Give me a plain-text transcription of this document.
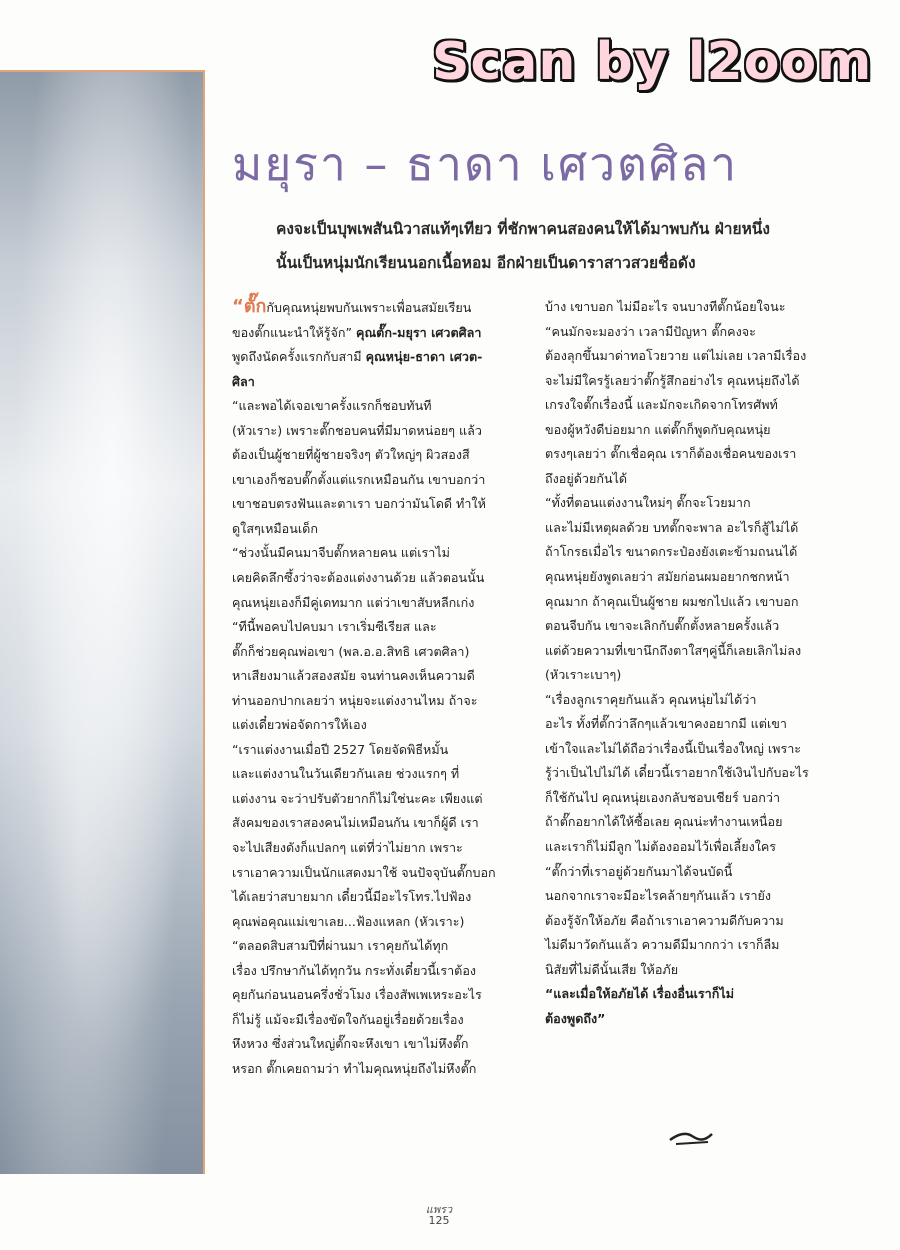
Scan by l2oom
มยุรา – ธาดา เศวตศิลา

คงจะเป็นบุพเพสันนิวาสแท้ๆเทียว ที่ชักพาคนสองคนให้ได้มาพบกัน ฝ่ายหนึ่ง

นั้นเป็นหนุ่มนักเรียนนอกเนื้อหอม อีกฝ่ายเป็นดาราสาวสวยชื่อดัง

“ตั๊กกับคุณหนุ่ยพบกันเพราะเพื่อนสมัยเรียน

ของตั๊กแนะนำให้รู้จัก” คุณตั๊ก-มยุรา เศวตศิลา

พูดถึงนัดครั้งแรกกับสามี คุณหนุ่ย-ธาดา เศวต-

ศิลา

“และพอได้เจอเขาครั้งแรกก็ชอบทันที

(หัวเราะ) เพราะตั๊กชอบคนที่มีมาดหน่อยๆ แล้ว

ต้องเป็นผู้ชายที่ผู้ชายจริงๆ ตัวใหญ่ๆ ผิวสองสี

เขาเองก็ชอบตั๊กตั้งแต่แรกเหมือนกัน เขาบอกว่า

เขาชอบตรงฟันและตาเรา บอกว่ามันโดดี ทำให้

ดูใสๆเหมือนเด็ก

“ช่วงนั้นมีคนมาจีบตั๊กหลายคน แต่เราไม่

เคยคิดลึกซึ้งว่าจะต้องแต่งงานด้วย แล้วตอนนั้น

คุณหนุ่ยเองก็มีคู่เดทมาก แต่ว่าเขาสับหลีกเก่ง

“ทีนี้พอคบไปคบมา เราเริ่มซีเรียส และ

ตั๊กก็ช่วยคุณพ่อเขา (พล.อ.อ.สิทธิ เศวตศิลา)

หาเสียงมาแล้วสองสมัย จนท่านคงเห็นความดี

ท่านออกปากเลยว่า หนุ่ยจะแต่งงานไหม ถ้าจะ

แต่งเดี๋ยวพ่อจัดการให้เอง

“เราแต่งงานเมื่อปี 2527 โดยจัดพิธีหมั้น

และแต่งงานในวันเดียวกันเลย ช่วงแรกๆ ที่

แต่งงาน จะว่าปรับตัวยากก็ไม่ใช่นะคะ เพียงแต่

สังคมของเราสองคนไม่เหมือนกัน เขาก็ผู้ดี เรา

จะไปเสียงดังก็แปลกๆ แต่ที่ว่าไม่ยาก เพราะ

เราเอาความเป็นนักแสดงมาใช้ จนปัจจุบันตั๊กบอก

ได้เลยว่าสบายมาก เดี๋ยวนี้มีอะไรโทร.ไปฟ้อง

คุณพ่อคุณแม่เขาเลย...ฟ้องแหลก (หัวเราะ)

“ตลอดสิบสามปีที่ผ่านมา เราคุยกันได้ทุก

เรื่อง ปรึกษากันได้ทุกวัน กระทั่งเดี๋ยวนี้เราต้อง

คุยกันก่อนนอนครึ่งชั่วโมง เรื่องสัพเพเหระอะไร

ก็ไม่รู้ แม้จะมีเรื่องขัดใจกันอยู่เรื่อยด้วยเรื่อง

หึงหวง ซึ่งส่วนใหญ่ตั๊กจะหึงเขา เขาไม่หึงตั๊ก

หรอก ตั๊กเคยถามว่า ทำไมคุณหนุ่ยถึงไม่หึงตั๊ก

บ้าง เขาบอก ไม่มีอะไร จนบางทีตั๊กน้อยใจนะ

“คนมักจะมองว่า เวลามีปัญหา ตั๊กคงจะ

ต้องลุกขึ้นมาด่าทอโวยวาย แต่ไม่เลย เวลามีเรื่อง

จะไม่มีใครรู้เลยว่าตั๊กรู้สึกอย่างไร คุณหนุ่ยถึงได้

เกรงใจตั๊กเรื่องนี้ และมักจะเกิดจากโทรศัพท์

ของผู้หวังดีบ่อยมาก แต่ตั๊กก็พูดกับคุณหนุ่ย

ตรงๆเลยว่า ตั๊กเชื่อคุณ เราก็ต้องเชื่อคนของเรา

ถึงอยู่ด้วยกันได้

“ทั้งที่ตอนแต่งงานใหม่ๆ ตั๊กจะโวยมาก

และไม่มีเหตุผลด้วย บทตั๊กจะพาล อะไรก็สู้ไม่ได้

ถ้าโกรธเมื่อไร ขนาดกระป๋องยังเตะข้ามถนนได้

คุณหนุ่ยยังพูดเลยว่า สมัยก่อนผมอยากชกหน้า

คุณมาก ถ้าคุณเป็นผู้ชาย ผมชกไปแล้ว เขาบอก

ตอนจีบกัน เขาจะเลิกกับตั๊กตั้งหลายครั้งแล้ว

แต่ด้วยความที่เขานึกถึงตาใสๆคู่นี้ก็เลยเลิกไม่ลง

(หัวเราะเบาๆ)

“เรื่องลูกเราคุยกันแล้ว คุณหนุ่ยไม่ได้ว่า

อะไร ทั้งที่ตั๊กว่าลึกๆแล้วเขาคงอยากมี แต่เขา

เข้าใจและไม่ได้ถือว่าเรื่องนี้เป็นเรื่องใหญ่ เพราะ

รู้ว่าเป็นไปไม่ได้ เดี๋ยวนี้เราอยากใช้เงินไปกับอะไร

ก็ใช้กันไป คุณหนุ่ยเองกลับชอบเชียร์ บอกว่า

ถ้าตั๊กอยากได้ให้ซื้อเลย คุณน่ะทำงานเหนื่อย

และเราก็ไม่มีลูก ไม่ต้องออมไว้เพื่อเลี้ยงใคร

“ตั๊กว่าที่เราอยู่ด้วยกันมาได้จนบัดนี้

นอกจากเราจะมีอะไรคล้ายๆกันแล้ว เรายัง

ต้องรู้จักให้อภัย คือถ้าเราเอาความดีกับความ

ไม่ดีมาวัดกันแล้ว ความดีมีมากกว่า เราก็ลืม

นิสัยที่ไม่ดีนั้นเสีย ให้อภัย

“และเมื่อให้อภัยได้ เรื่องอื่นเราก็ไม่

ต้องพูดถึง”

แพรว
125
